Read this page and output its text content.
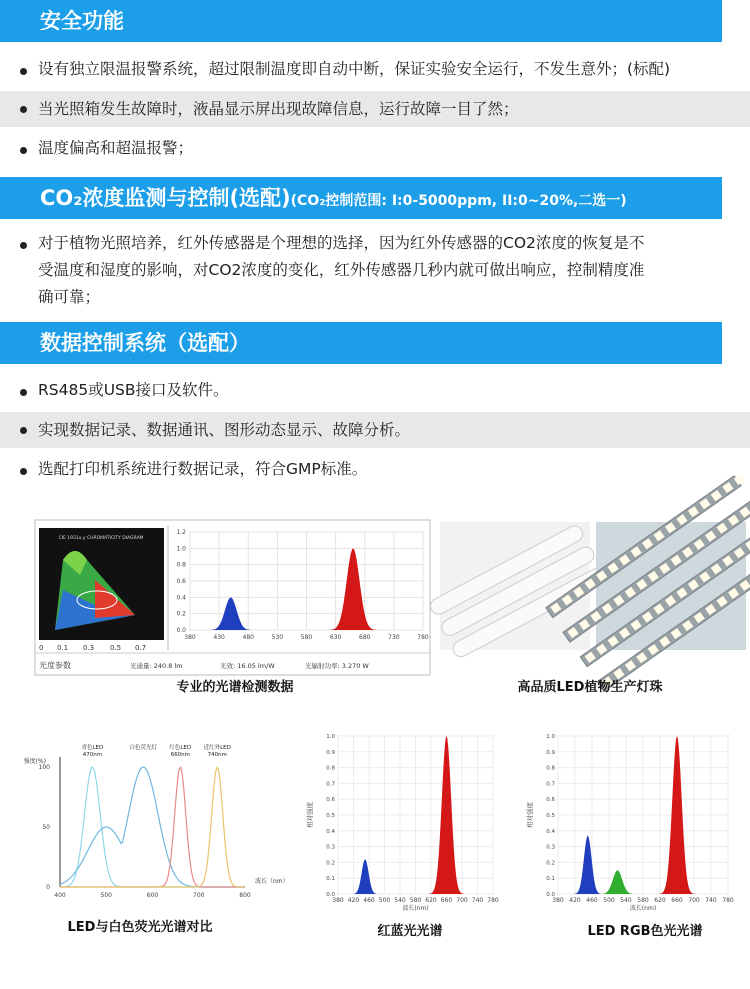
安全功能
设有独立限温报警系统，超过限制温度即自动中断，保证实验安全运行，不发生意外；(标配)
当光照箱发生故障时，液晶显示屏出现故障信息，运行故障一目了然；
温度偏高和超温报警；
CO₂浓度监测与控制(选配)(CO₂控制范围: I:0-5000ppm, II:0~20%,二选一)
对于植物光照培养，红外传感器是个理想的选择，因为红外传感器的CO2浓度的恢复是不
受温度和湿度的影响，对CO2浓度的变化，红外传感器几秒内就可做出响应，控制精度准
确可靠；
数据控制系统（选配）
RS485或USB接口及软件。
实现数据记录、数据通讯、图形动态显示、故障分析。
选配打印机系统进行数据记录，符合GMP标准。
CIE 1931x,y CHROMATICITY DIAGRAM
0 0.1 0.3 0.5 0.7
0.0
0.2
0.4
0.6
0.8
1.0
1.2
380	430	480	530	580	630	680	730	780
光度参数	光通量: 240.8 lm	光效: 16.05 lm/W	光辐射功率: 3.270 W
专业的光谱检测数据	高品质LED植物生产灯珠
强度(%)
波长（nm）
0
50
100
400	500	600	700	800
青色LED
470nm
白色荧光灯 红色LED
660nm
近红外LED
740nm
LED与白色荧光光谱对比
0.0
0.1
0.2
0.3
0.4
0.5
0.6
0.7
0.8
0.9
1.0
380 420 460 500 540 580 620 660 700 740 780
相对强度
波长(nm)
红蓝光光谱
0.0
0.1
0.2
0.3
0.4
0.5
0.6
0.7
0.8
0.9
1.0
380 420 460 500 540 580 620 660 700 740 780
相对强度
波长(nm)
LED RGB色光光谱
